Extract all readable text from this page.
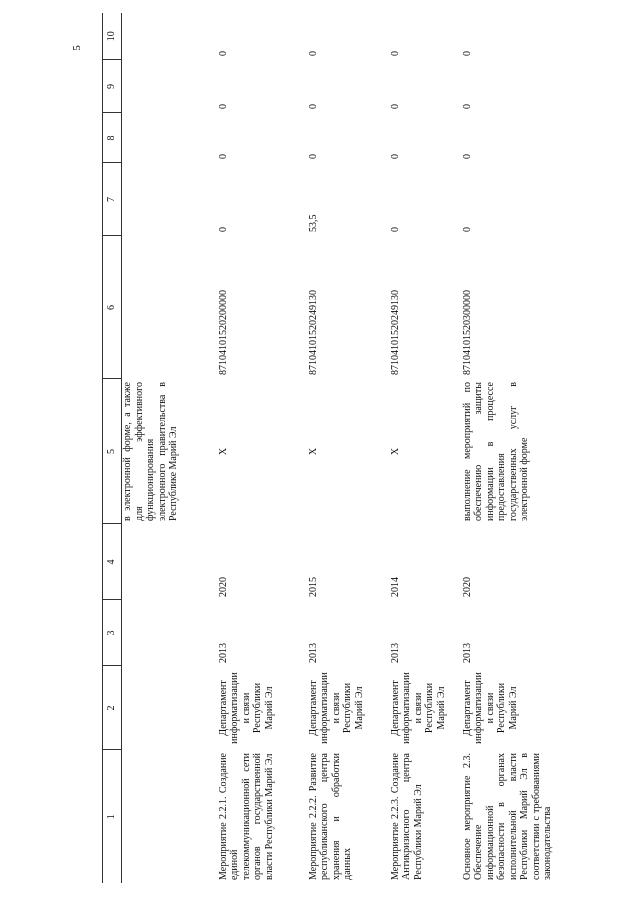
5
1	2	3	4	5	6	7	8	9	10
				в электронной форме, а также для эффективного функционирования электронного правительства в Республике Марий Эл					
Мероприятие 2.2.1. Создание единой телекоммуникационной сети органов государственной власти Республики Марий Эл	Департамент информатизации и связи Республики Марий Эл	2013	2020	X	87104101520200000	0	0	0	0
Мероприятие 2.2.2. Развитие республиканского центра хранения и обработки данных	Департамент информатизации и связи Республики Марий Эл	2013	2015	X	87104101520249130	53,5	0	0	0
Мероприятие 2.2.3. Создание Антикризисного центра Республики Марий Эл	Департамент информатизации и связи Республики Марий Эл	2013	2014	X	87104101520249130	0	0	0	0
Основное мероприятие 2.3. Обеспечение информационной безопасности в органах исполнительной власти Республики Марий Эл в соответствии с требованиями законодательства	Департамент информатизации и связи Республики Марий Эл	2013	2020	выполнение мероприятий по обеспечению защиты информации в процессе предоставления государственных услуг в электронной форме	87104101520300000	0	0	0	0
